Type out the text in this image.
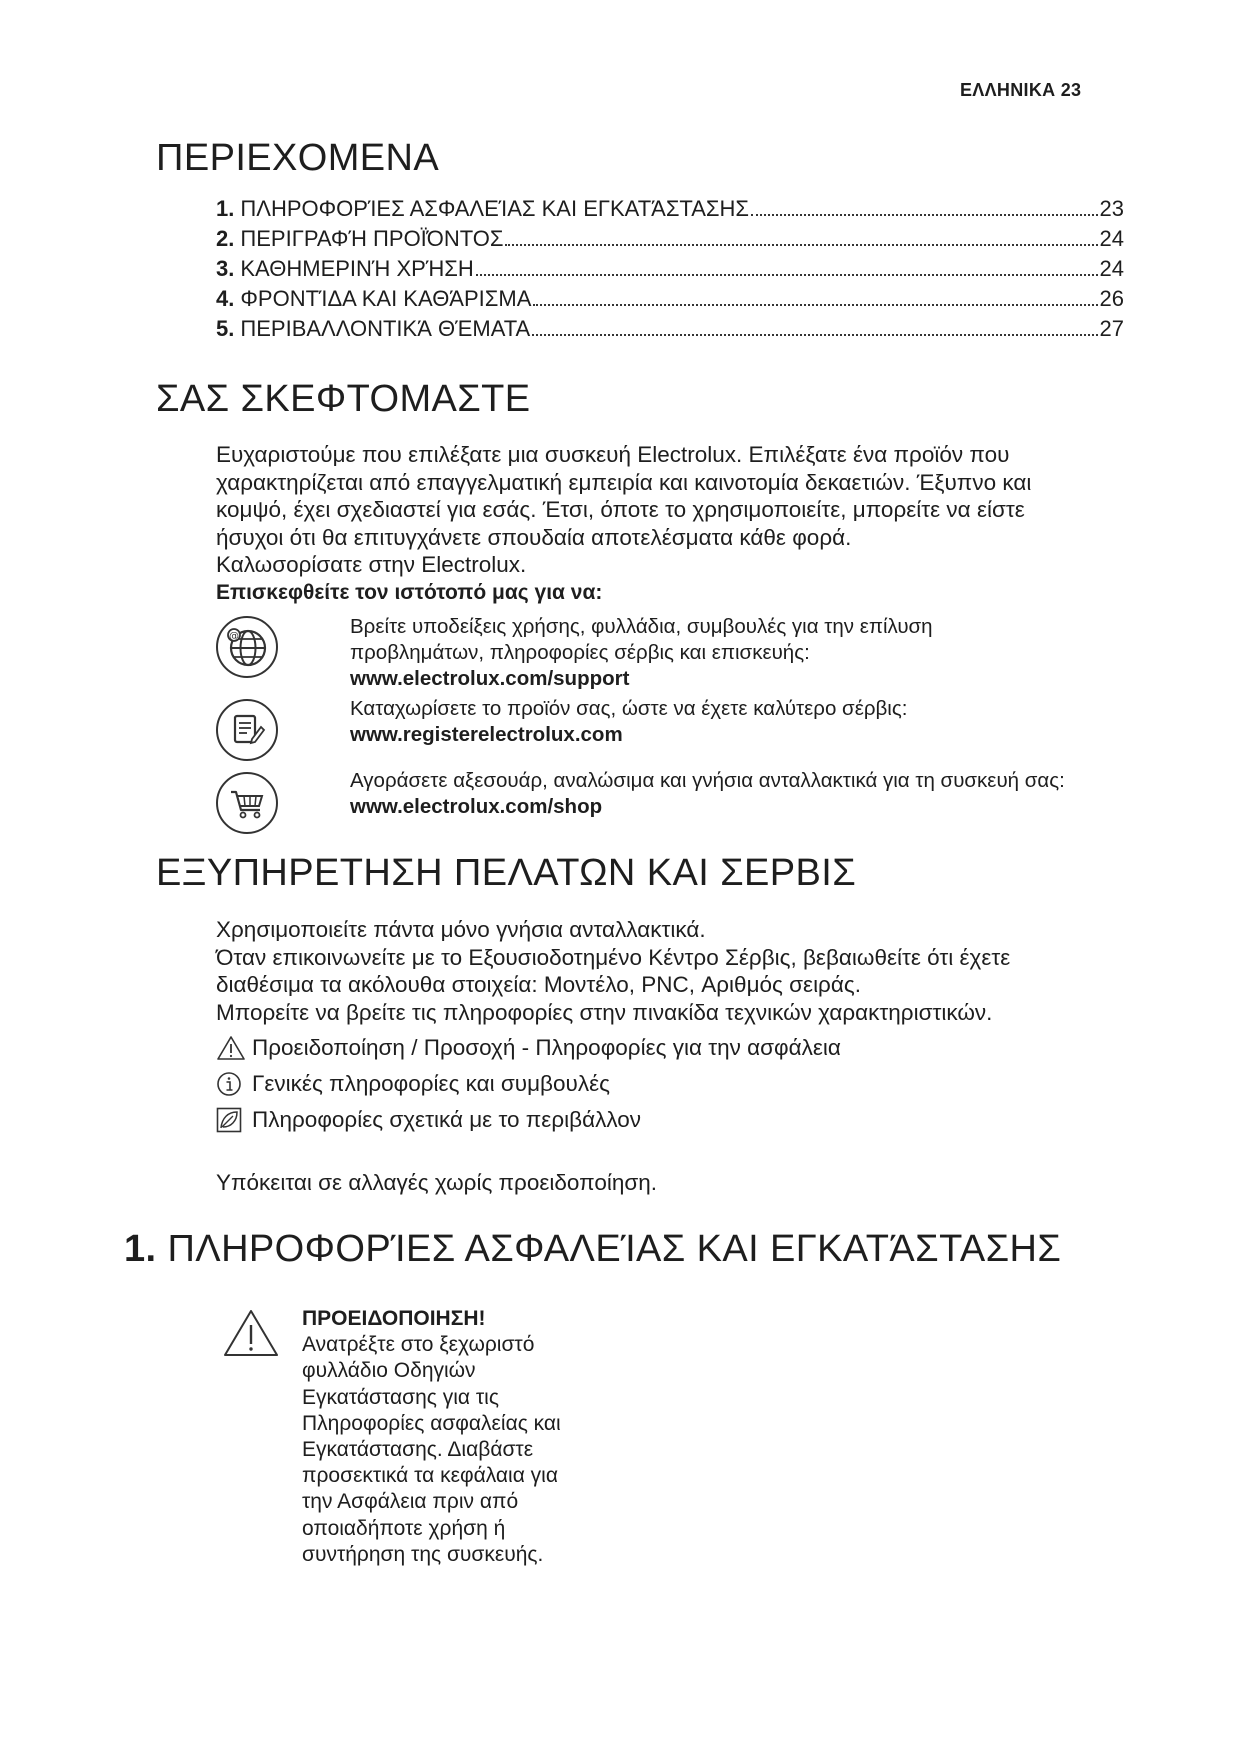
ΕΛΛΗΝΙΚΑ 23
ΠΕΡΙΕΧΟΜΕΝΑ
1. ΠΛΗΡΟΦΟΡΊΕΣ ΑΣΦΑΛΕΊΑΣ ΚΑΙ ΕΓΚΑΤΆΣΤΑΣΗΣ	23
2. ΠΕΡΙΓΡΑΦΉ ΠΡΟΪΌΝΤΟΣ	24
3. ΚΑΘΗΜΕΡΙΝΉ ΧΡΉΣΗ	24
4. ΦΡΟΝΤΊΔΑ ΚΑΙ ΚΑΘΆΡΙΣΜΑ	26
5. ΠΕΡΙΒΑΛΛΟΝΤΙΚΆ ΘΈΜΑΤΑ	27
ΣΑΣ ΣΚΕΦΤΟΜΑΣΤΕ
Ευχαριστούμε που επιλέξατε μια συσκευή Electrolux. Επιλέξατε ένα προϊόν που
χαρακτηρίζεται από επαγγελματική εμπειρία και καινοτομία δεκαετιών. Έξυπνο και
κομψό, έχει σχεδιαστεί για εσάς. Έτσι, όποτε το χρησιμοποιείτε, μπορείτε να είστε
ήσυχοι ότι θα επιτυγχάνετε σπουδαία αποτελέσματα κάθε φορά.
Καλωσορίσατε στην Electrolux.
Επισκεφθείτε τον ιστότοπό μας για να:
@	Βρείτε υποδείξεις χρήσης, φυλλάδια, συμβουλές για την επίλυση
προβλημάτων, πληροφορίες σέρβις και επισκευής:
www.electrolux.com/support
Καταχωρίσετε το προϊόν σας, ώστε να έχετε καλύτερο σέρβις:
www.registerelectrolux.com
Αγοράσετε αξεσουάρ, αναλώσιμα και γνήσια ανταλλακτικά για τη συσκευή σας:
www.electrolux.com/shop
ΕΞΥΠΗΡΕΤΗΣΗ ΠΕΛΑΤΩΝ ΚΑΙ ΣΕΡΒΙΣ
Χρησιμοποιείτε πάντα μόνο γνήσια ανταλλακτικά.
Όταν επικοινωνείτε με το Εξουσιοδοτημένο Κέντρο Σέρβις, βεβαιωθείτε ότι έχετε
διαθέσιμα τα ακόλουθα στοιχεία: Μοντέλο, PNC, Αριθμός σειράς.
Μπορείτε να βρείτε τις πληροφορίες στην πινακίδα τεχνικών χαρακτηριστικών.
Προειδοποίηση / Προσοχή - Πληροφορίες για την ασφάλεια
Γενικές πληροφορίες και συμβουλές
Πληροφορίες σχετικά με το περιβάλλον
Υπόκειται σε αλλαγές χωρίς προειδοποίηση.
1. ΠΛΗΡΟΦΟΡΊΕΣ ΑΣΦΑΛΕΊΑΣ ΚΑΙ ΕΓΚΑΤΆΣΤΑΣΗΣ
ΠΡΟΕΙΔΟΠΟΙΗΣΗ!
Ανατρέξτε στο ξεχωριστό
φυλλάδιο Οδηγιών
Εγκατάστασης για τις
Πληροφορίες ασφαλείας και
Εγκατάστασης. Διαβάστε
προσεκτικά τα κεφάλαια για
την Ασφάλεια πριν από
οποιαδήποτε χρήση ή
συντήρηση της συσκευής.
